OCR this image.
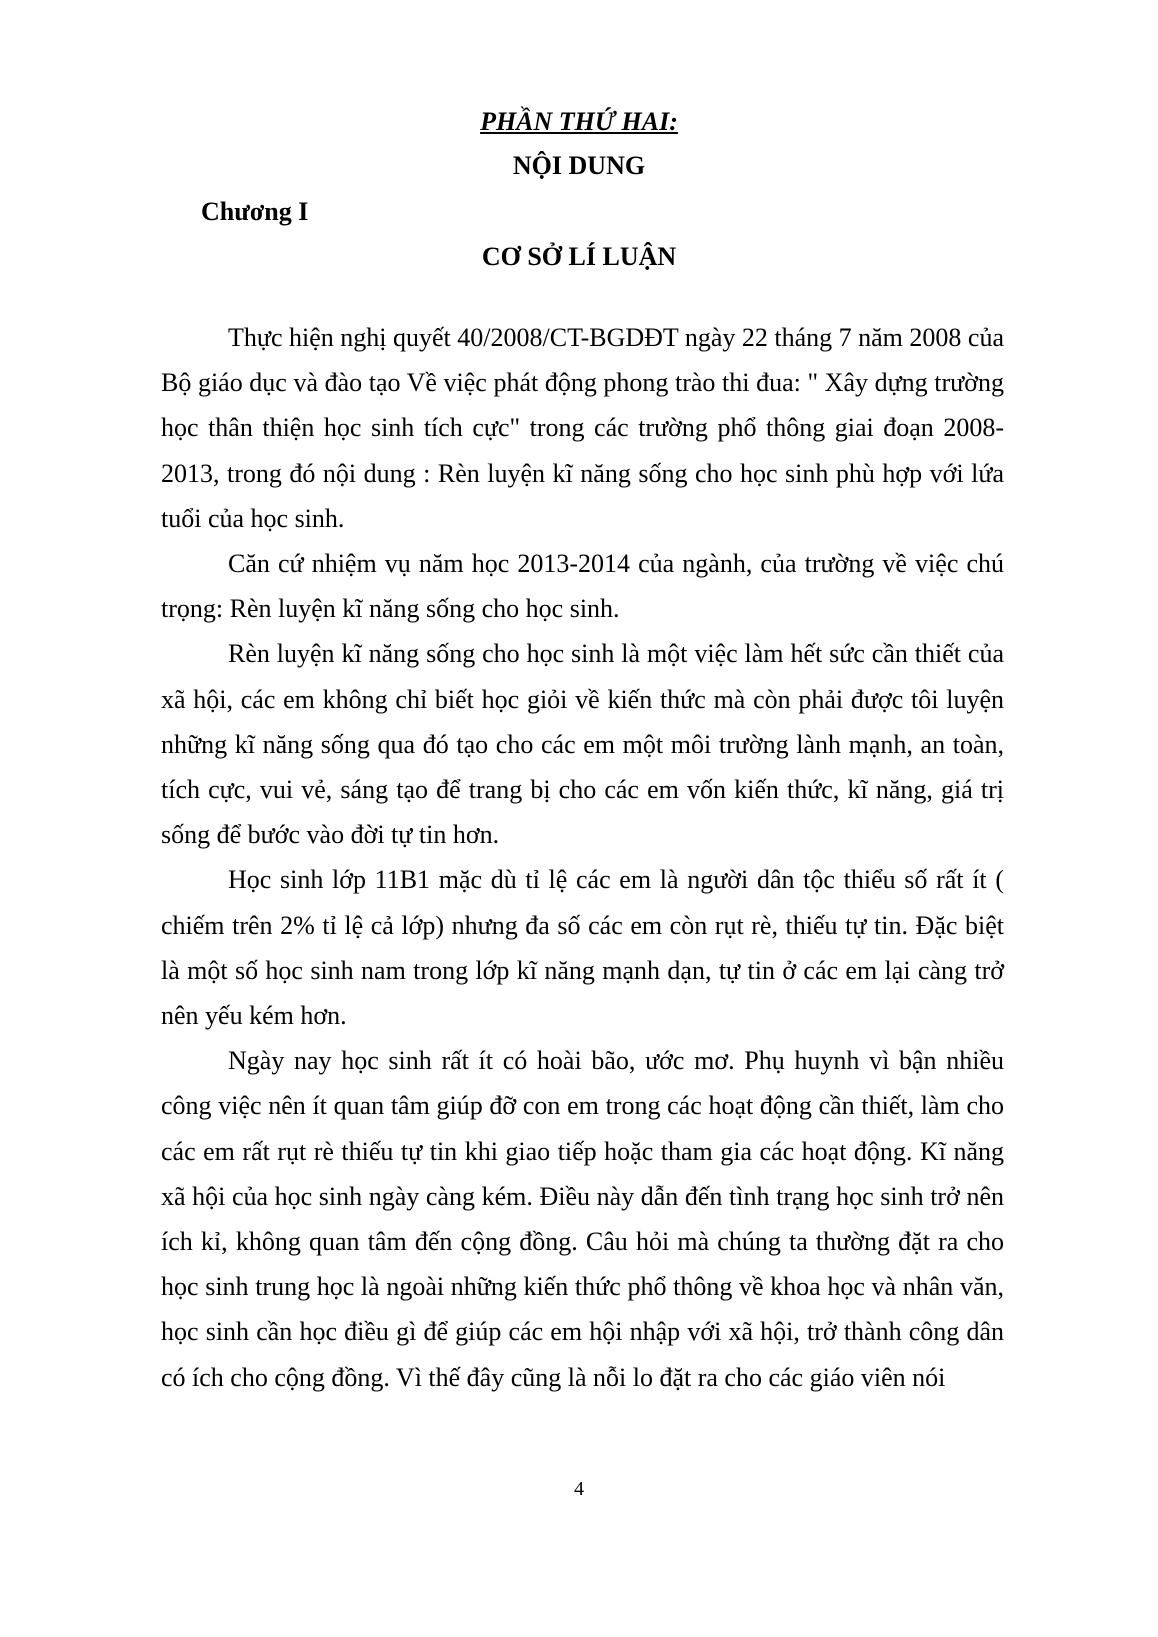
PHẦN THỨ HAI:
NỘI DUNG
Chương I
CƠ SỞ LÍ LUẬN

Thực hiện nghị quyết 40/2008/CT-BGDĐT ngày 22 tháng 7 năm 2008 của Bộ giáo dục và đào tạo Về việc phát động phong trào thi đua: " Xây dựng trường học thân thiện học sinh tích cực" trong các trường phổ thông giai đoạn 2008-2013, trong đó nội dung : Rèn luyện kĩ năng sống cho học sinh phù hợp với lứa tuổi của học sinh.

Căn cứ nhiệm vụ năm học 2013-2014 của ngành, của trường về việc chú trọng: Rèn luyện kĩ năng sống cho học sinh.

Rèn luyện kĩ năng sống cho học sinh là một việc làm hết sức cần thiết của xã hội, các em không chỉ biết học giỏi về kiến thức mà còn phải được tôi luyện những kĩ năng sống qua đó tạo cho các em một môi trường lành mạnh, an toàn, tích cực, vui vẻ, sáng tạo để trang bị cho các em vốn kiến thức, kĩ năng, giá trị sống để bước vào đời tự tin hơn.

Học sinh lớp 11B1 mặc dù tỉ lệ các em là người dân tộc thiểu số rất ít ( chiếm trên 2% tỉ lệ cả lớp) nhưng đa số các em còn rụt rè, thiếu tự tin. Đặc biệt là một số học sinh nam trong lớp kĩ năng mạnh dạn, tự tin ở các em lại càng trở nên yếu kém hơn.

Ngày nay học sinh rất ít có hoài bão, ước mơ. Phụ huynh vì bận nhiều công việc nên ít quan tâm giúp đỡ con em trong các hoạt động cần thiết, làm cho các em rất rụt rè thiếu tự tin khi giao tiếp hoặc tham gia các hoạt động. Kĩ năng xã hội của học sinh ngày càng kém. Điều này dẫn đến tình trạng học sinh trở nên ích kỉ, không quan tâm đến cộng đồng. Câu hỏi mà chúng ta thường đặt ra cho học sinh trung học là ngoài những kiến thức phổ thông về khoa học và nhân văn, học sinh cần học điều gì để giúp các em hội nhập với xã hội, trở thành công dân có ích cho cộng đồng. Vì thế đây cũng là nỗi lo đặt ra cho các giáo viên nói

4
